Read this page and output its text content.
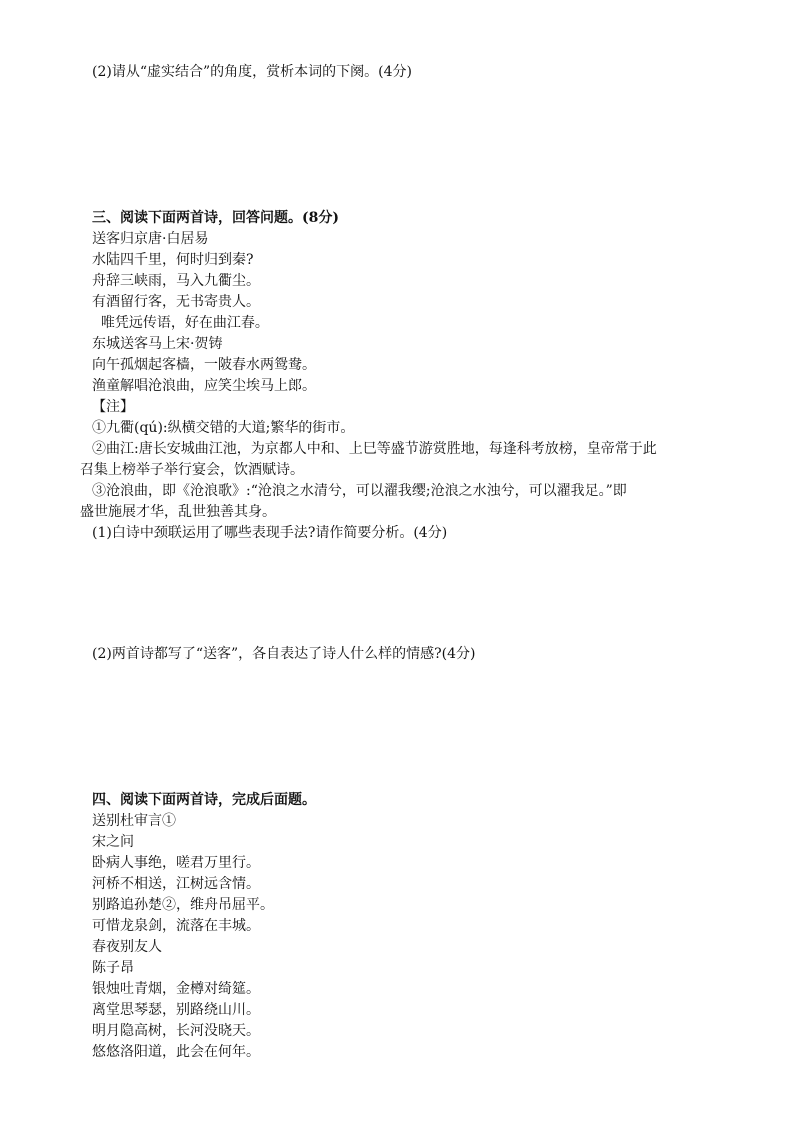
(2)请从“虚实结合”的角度，赏析本词的下阕。(4分)
三、阅读下面两首诗，回答问题。(8分)
送客归京唐·白居易
水陆四千里，何时归到秦?
舟辞三峡雨，马入九衢尘。
有酒留行客，无书寄贵人。
唯凭远传语，好在曲江春。
东城送客马上宋·贺铸
向午孤烟起客樯，一陂春水两鸳鸯。
渔童解唱沧浪曲，应笑尘埃马上郎。
【注】
①九衢(qú):纵横交错的大道;繁华的街市。
②曲江:唐长安城曲江池，为京都人中和、上巳等盛节游赏胜地，每逢科考放榜，皇帝常于此
召集上榜举子举行宴会，饮酒赋诗。
③沧浪曲，即《沧浪歌》:“沧浪之水清兮，可以濯我缨;沧浪之水浊兮，可以濯我足。”即
盛世施展才华，乱世独善其身。
(1)白诗中颈联运用了哪些表现手法?请作简要分析。(4分)
(2)两首诗都写了“送客”，各自表达了诗人什么样的情感?(4分)
四、阅读下面两首诗，完成后面题。
送别杜审言①
宋之问
卧病人事绝，嗟君万里行。
河桥不相送，江树远含情。
别路追孙楚②，维舟吊屈平。
可惜龙泉剑，流落在丰城。
春夜别友人
陈子昂
银烛吐青烟，金樽对绮筵。
离堂思琴瑟，别路绕山川。
明月隐高树，长河没晓天。
悠悠洛阳道，此会在何年。
